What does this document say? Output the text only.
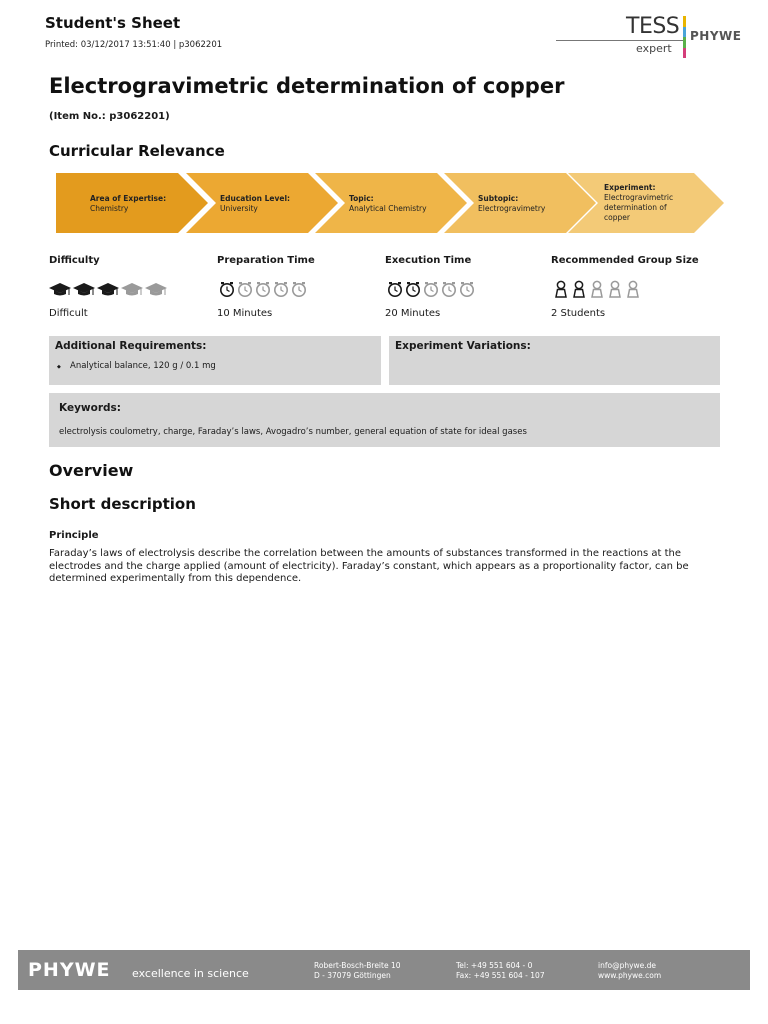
Student's Sheet
Printed: 03/12/2017 13:51:40 | p3062201
TESS
expert
PHYWE
Electrogravimetric determination of copper
(Item No.: p3062201)
Curricular Relevance
Area of Expertise:
Chemistry
Education Level:
University
Topic:
Analytical Chemistry
Subtopic:
Electrogravimetry
Experiment:
Electrogravimetric determination of copper
Difficulty
Difficult
Preparation Time
10 Minutes
Execution Time
20 Minutes
Recommended Group Size
2 Students
Additional Requirements:
◆ Analytical balance, 120 g / 0.1 mg
Experiment Variations:
Keywords:
electrolysis coulometry, charge, Faraday’s laws, Avogadro’s number, general equation of state for ideal gases
Overview
Short description
Principle
Faraday’s laws of electrolysis describe the correlation between the amounts of substances transformed in the reactions at the electrodes and the charge applied (amount of electricity). Faraday’s constant, which appears as a proportionality factor, can be determined experimentally from this dependence.
PHYWE excellence in science
Robert-Bosch-Breite 10
D - 37079 Göttingen
Tel: +49 551 604 - 0
Fax: +49 551 604 - 107
info@phywe.de
www.phywe.com
